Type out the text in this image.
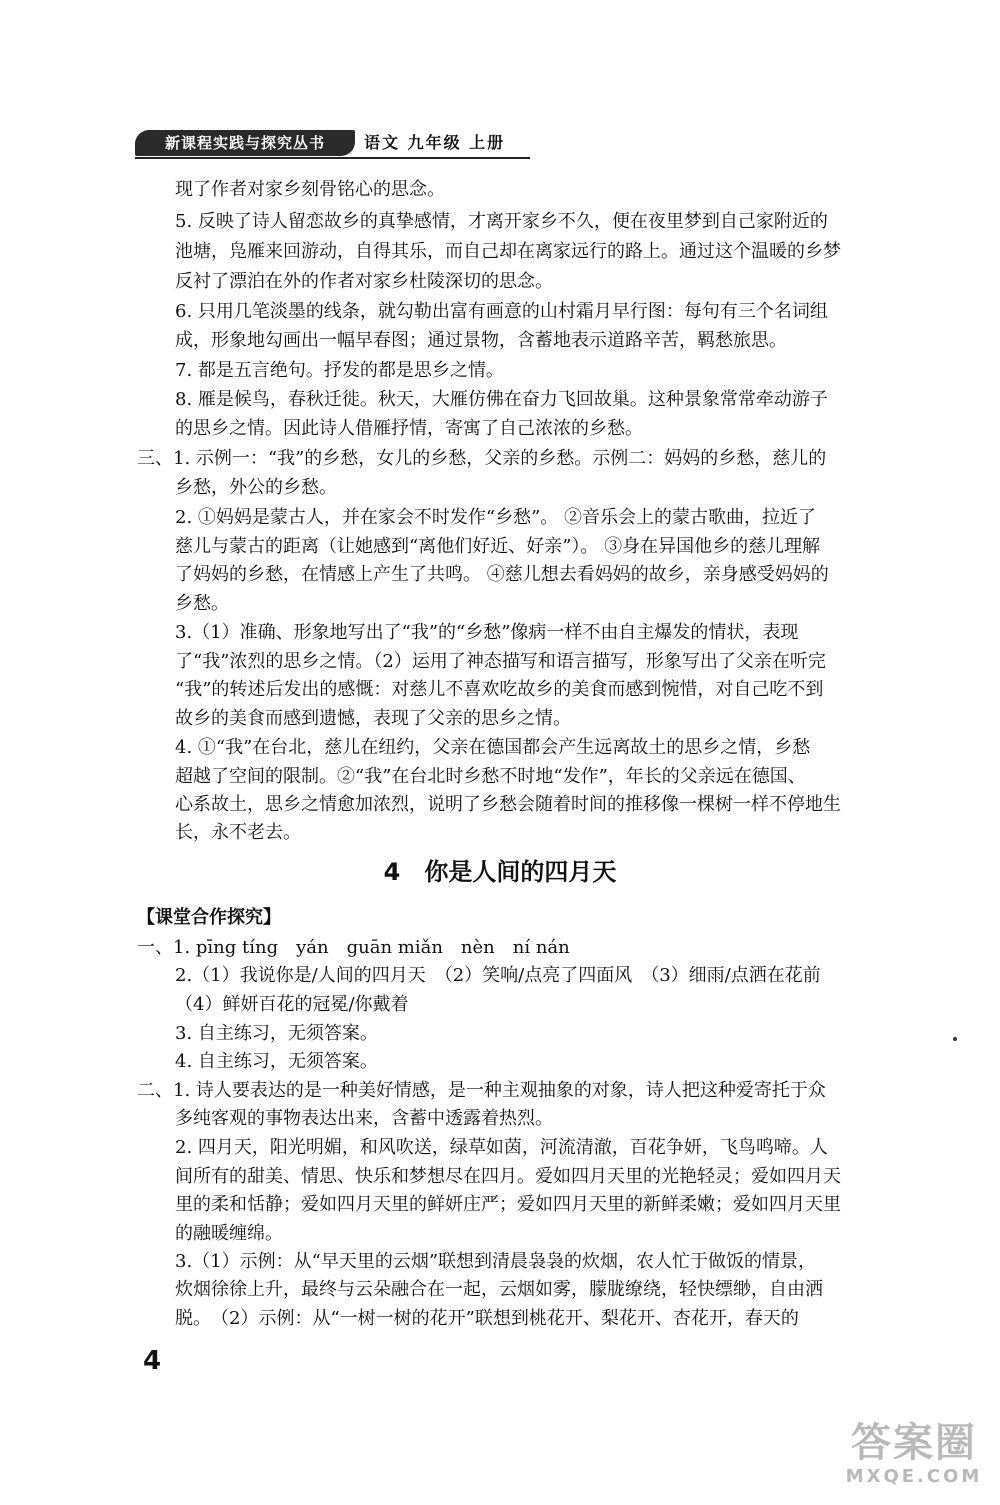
新课程实践与探究丛书	语文 九年级 上册
现了作者对家乡刻骨铭心的思念。
5. 反映了诗人留恋故乡的真挚感情，才离开家乡不久，便在夜里梦到自己家附近的
池塘，凫雁来回游动，自得其乐，而自己却在离家远行的路上。通过这个温暖的乡梦
反衬了漂泊在外的作者对家乡杜陵深切的思念。
6. 只用几笔淡墨的线条，就勾勒出富有画意的山村霜月早行图：每句有三个名词组
成，形象地勾画出一幅早春图；通过景物，含蓄地表示道路辛苦，羁愁旅思。
7. 都是五言绝句。抒发的都是思乡之情。
8. 雁是候鸟，春秋迁徙。秋天，大雁仿佛在奋力飞回故巢。这种景象常常牵动游子
的思乡之情。因此诗人借雁抒情，寄寓了自己浓浓的乡愁。
三、1. 示例一：“我”的乡愁，女儿的乡愁，父亲的乡愁。示例二：妈妈的乡愁，慈儿的
乡愁，外公的乡愁。
2. ①妈妈是蒙古人，并在家会不时发作“乡愁”。 ②音乐会上的蒙古歌曲，拉近了
慈儿与蒙古的距离（让她感到“离他们好近、好亲”）。 ③身在异国他乡的慈儿理解
了妈妈的乡愁，在情感上产生了共鸣。 ④慈儿想去看妈妈的故乡，亲身感受妈妈的
乡愁。
3.（1）准确、形象地写出了“我”的“乡愁”像病一样不由自主爆发的情状，表现
了“我”浓烈的思乡之情。（2）运用了神态描写和语言描写，形象写出了父亲在听完
“我”的转述后发出的感慨：对慈儿不喜欢吃故乡的美食而感到惋惜，对自己吃不到
故乡的美食而感到遗憾，表现了父亲的思乡之情。
4. ①“我”在台北，慈儿在纽约，父亲在德国都会产生远离故土的思乡之情，乡愁
超越了空间的限制。②“我”在台北时乡愁不时地“发作”，年长的父亲远在德国、
心系故土，思乡之情愈加浓烈，说明了乡愁会随着时间的推移像一棵树一样不停地生
长，永不老去。
4　你是人间的四月天
【课堂合作探究】
一、1. pīng tíng　yán　guān miǎn　nèn　ní nán
2.（1）我说你是/人间的四月天　（2）笑响/点亮了四面风　（3）细雨/点洒在花前
（4）鲜妍百花的冠冕/你戴着
3. 自主练习，无须答案。
4. 自主练习，无须答案。
二、1. 诗人要表达的是一种美好情感，是一种主观抽象的对象，诗人把这种爱寄托于众
多纯客观的事物表达出来，含蓄中透露着热烈。
2. 四月天，阳光明媚，和风吹送，绿草如茵，河流清澈，百花争妍，飞鸟鸣啼。人
间所有的甜美、情思、快乐和梦想尽在四月。爱如四月天里的光艳轻灵；爱如四月天
里的柔和恬静；爱如四月天里的鲜妍庄严；爱如四月天里的新鲜柔嫩；爱如四月天里
的融暖缠绵。
3.（1）示例：从“早天里的云烟”联想到清晨袅袅的炊烟，农人忙于做饭的情景，
炊烟徐徐上升，最终与云朵融合在一起，云烟如雾，朦胧缭绕，轻快缥缈，自由洒
脱。　（2）示例：从“一树一树的花开”联想到桃花开、梨花开、杏花开，春天的
4
答案圈
MXQE.COM
